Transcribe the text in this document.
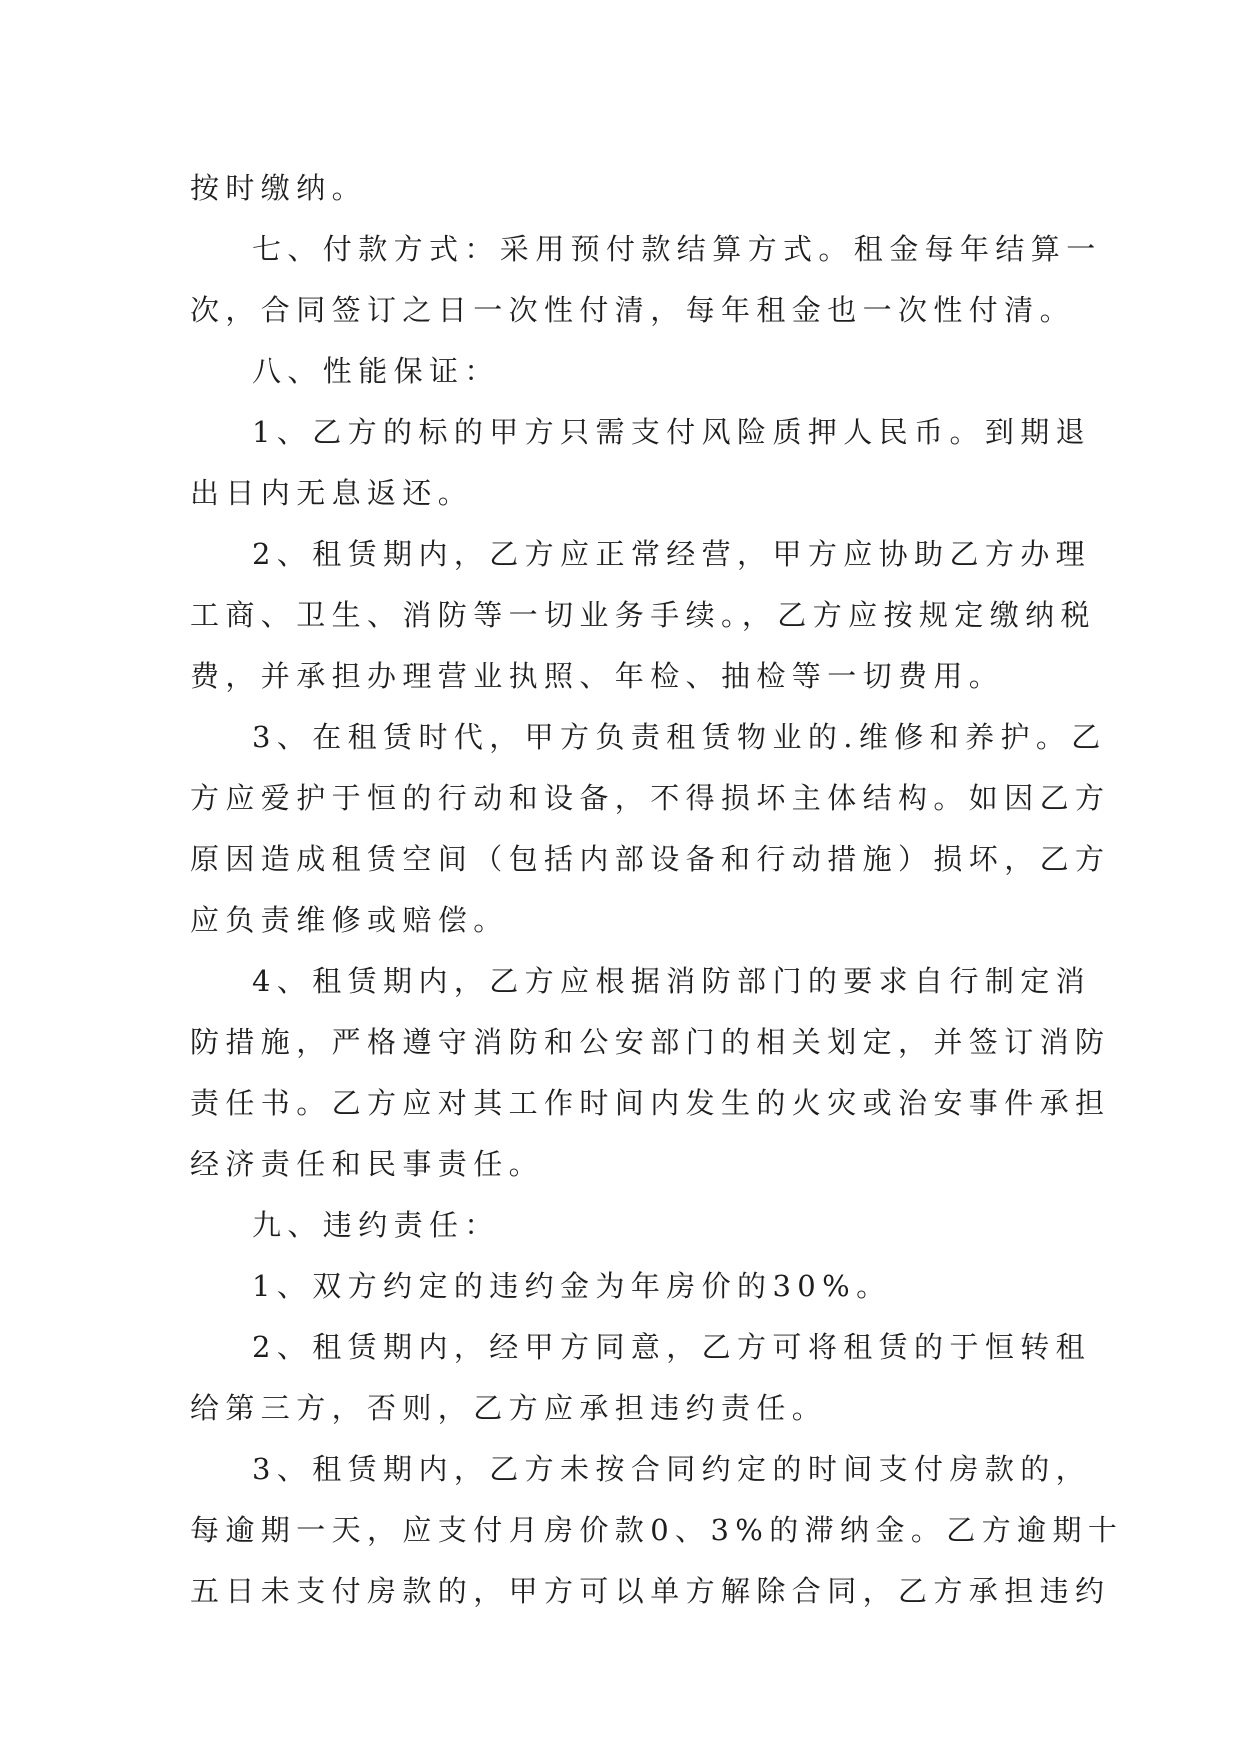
按时缴纳。

七、付款方式：采用预付款结算方式。租金每年结算一

次，合同签订之日一次性付清，每年租金也一次性付清。

八、性能保证：

1、乙方的标的甲方只需支付风险质押人民币。到期退

出日内无息返还。

2、租赁期内，乙方应正常经营，甲方应协助乙方办理

工商、卫生、消防等一切业务手续。，乙方应按规定缴纳税

费，并承担办理营业执照、年检、抽检等一切费用。

3、在租赁时代，甲方负责租赁物业的.维修和养护。乙

方应爱护于恒的行动和设备，不得损坏主体结构。如因乙方

原因造成租赁空间（包括内部设备和行动措施）损坏，乙方

应负责维修或赔偿。

4、租赁期内，乙方应根据消防部门的要求自行制定消

防措施，严格遵守消防和公安部门的相关划定，并签订消防

责任书。乙方应对其工作时间内发生的火灾或治安事件承担

经济责任和民事责任。

九、违约责任：

1、双方约定的违约金为年房价的30%。

2、租赁期内，经甲方同意，乙方可将租赁的于恒转租

给第三方，否则，乙方应承担违约责任。

3、租赁期内，乙方未按合同约定的时间支付房款的，

每逾期一天，应支付月房价款0、3%的滞纳金。乙方逾期十

五日未支付房款的，甲方可以单方解除合同，乙方承担违约
